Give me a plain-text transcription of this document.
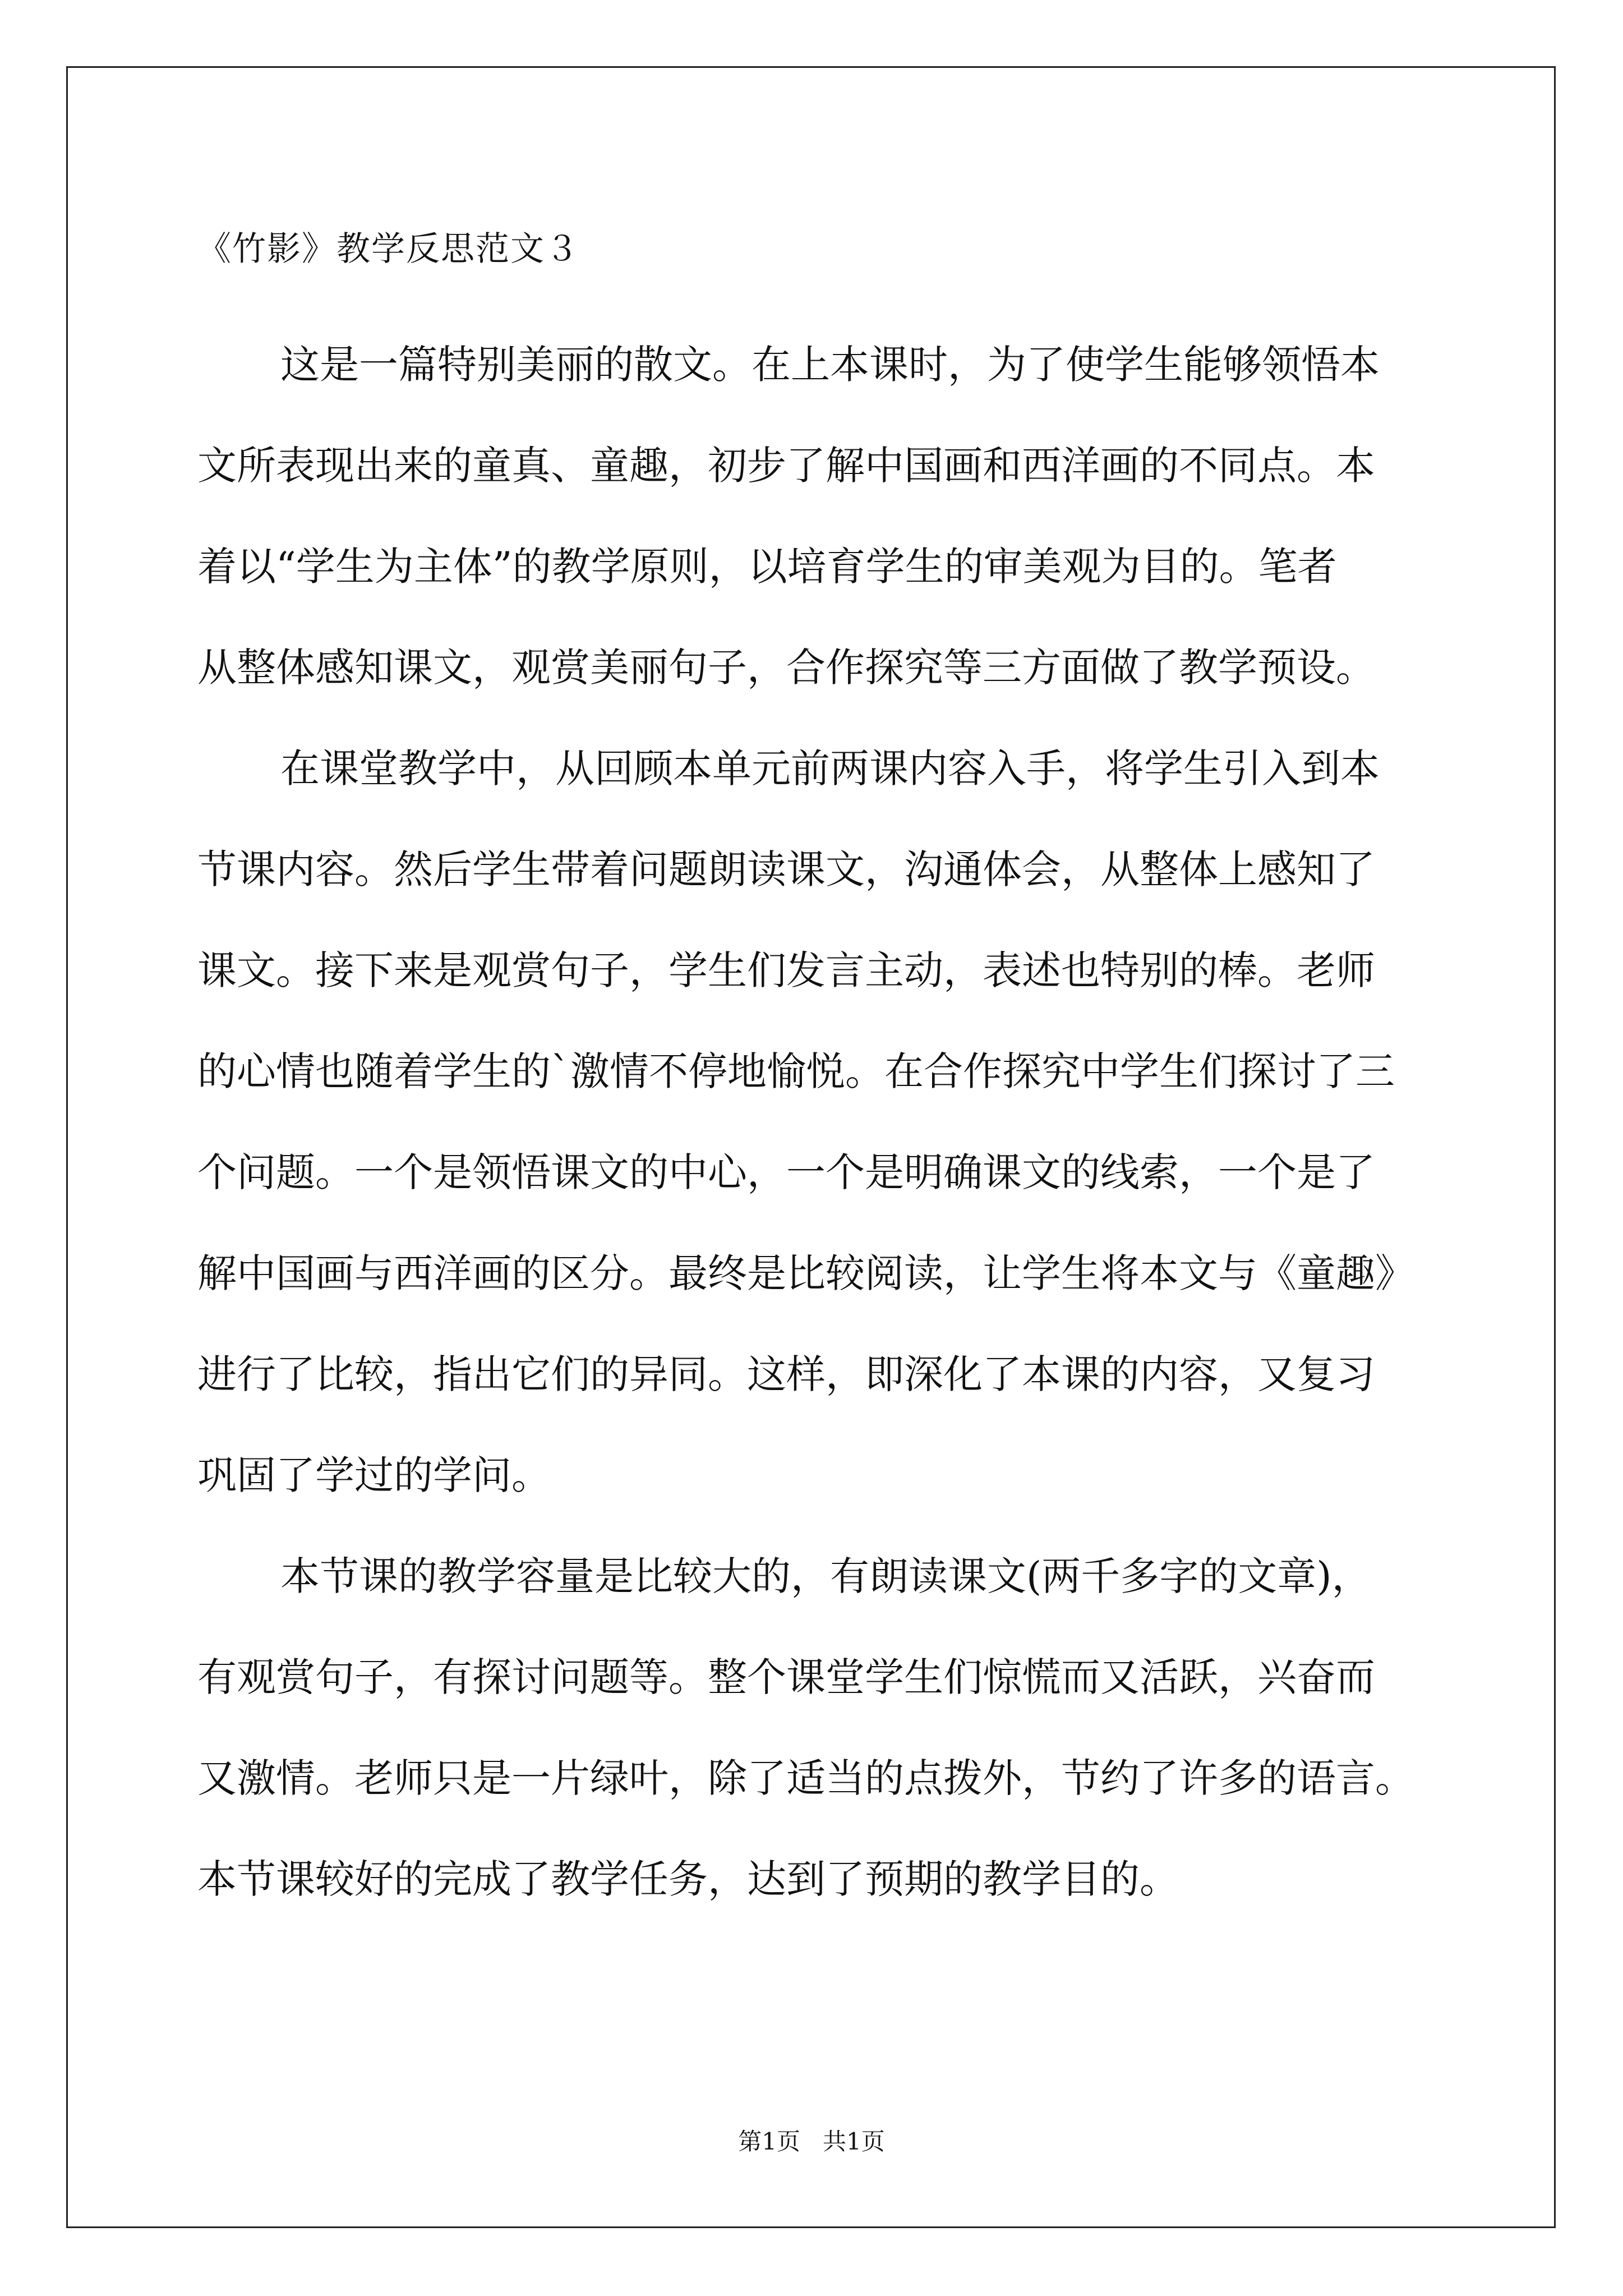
《竹影》教学反思范文３
这是一篇特别美丽的散文。在上本课时，为了使学生能够领悟本
文所表现出来的童真、童趣，初步了解中国画和西洋画的不同点。本
着以“学生为主体”的教学原则，以培育学生的审美观为目的。笔者
从整体感知课文，观赏美丽句子，合作探究等三方面做了教学预设。
在课堂教学中，从回顾本单元前两课内容入手，将学生引入到本
节课内容。然后学生带着问题朗读课文，沟通体会，从整体上感知了
课文。接下来是观赏句子，学生们发言主动，表述也特别的棒。老师
的心情也随着学生的`激情不停地愉悦。在合作探究中学生们探讨了三
个问题。一个是领悟课文的中心，一个是明确课文的线索，一个是了
解中国画与西洋画的区分。最终是比较阅读，让学生将本文与《童趣》
进行了比较，指出它们的异同。这样，即深化了本课的内容，又复习
巩固了学过的学问。
本节课的教学容量是比较大的，有朗读课文(两千多字的文章)，
有观赏句子，有探讨问题等。整个课堂学生们惊慌而又活跃，兴奋而
又激情。老师只是一片绿叶，除了适当的点拨外，节约了许多的语言。
本节课较好的完成了教学任务，达到了预期的教学目的。
第1页 共1页
